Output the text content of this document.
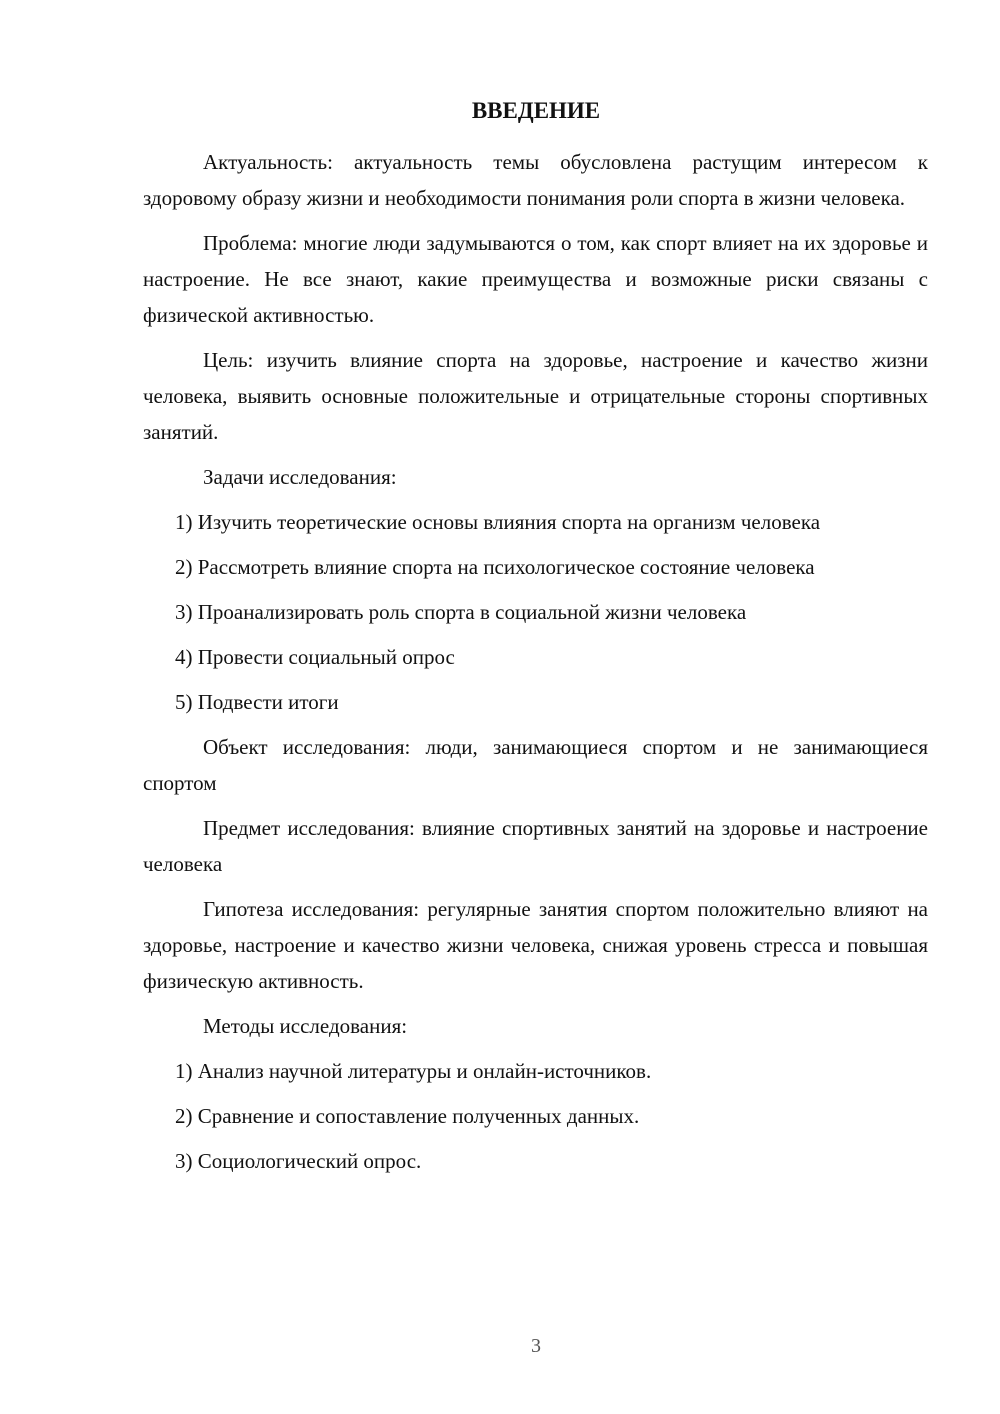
ВВЕДЕНИЕ

Актуальность: актуальность темы обусловлена растущим интересом к здоровому образу жизни и необходимости понимания роли спорта в жизни человека.

Проблема: многие люди задумываются о том, как спорт влияет на их здоровье и настроение. Не все знают, какие преимущества и возможные риски связаны с физической активностью.

Цель: изучить влияние спорта на здоровье, настроение и качество жизни человека, выявить основные положительные и отрицательные стороны спортивных занятий.

Задачи исследования:

1) Изучить теоретические основы влияния спорта на организм человека

2) Рассмотреть влияние спорта на психологическое состояние человека

3) Проанализировать роль спорта в социальной жизни человека

4) Провести социальный опрос

5) Подвести итоги

Объект исследования: люди, занимающиеся спортом и не занимающиеся спортом

Предмет исследования: влияние спортивных занятий на здоровье и настроение человека

Гипотеза исследования: регулярные занятия спортом положительно влияют на здоровье, настроение и качество жизни человека, снижая уровень стресса и повышая физическую активность.

Методы исследования:

1) Анализ научной литературы и онлайн-источников.

2) Сравнение и сопоставление полученных данных.

3) Социологический опрос.

3
